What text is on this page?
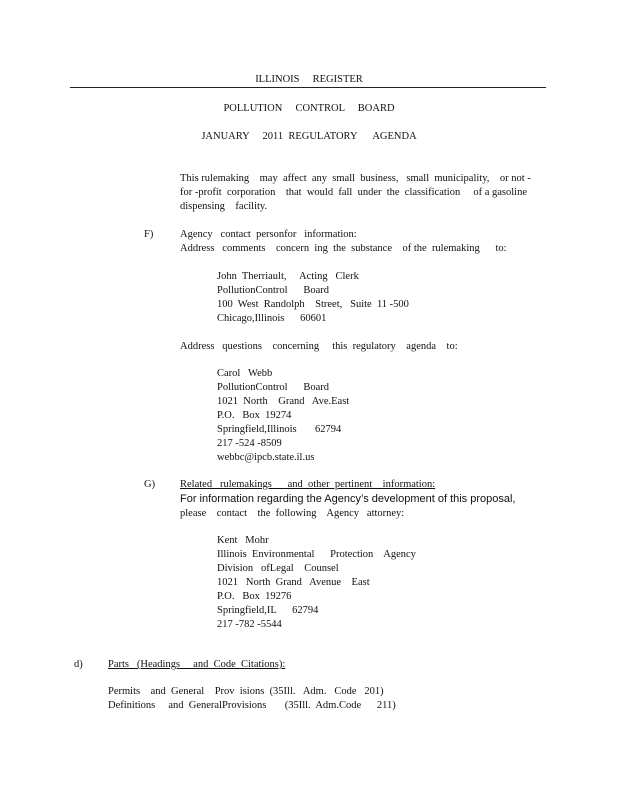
ILLINOIS     REGISTER
POLLUTION     CONTROL     BOARD
JANUARY     2011  REGULATORY      AGENDA
This rulemaking    may  affect  any  small  business,   small  municipality,    or not -
for -profit  corporation    that  would  fall  under  the  classification     of a gasoline
dispensing    facility.
F)	Agency   contact  personfor   information:
Address   comments    concern  ing  the  substance    of the  rulemaking      to:
John  Therriault,     Acting   Clerk
PollutionControl      Board
100  West  Randolph    Street,   Suite  11 -500
Chicago,Illinois      60601
Address   questions    concerning     this  regulatory    agenda    to:
Carol   Webb
PollutionControl      Board
1021  North    Grand   Ave.East
P.O.   Box  19274
Springfield,Illinois       62794
217 -524 -8509
webbc@ipcb.state.il.us
G) Related   rulemakings      and  other  pertinent    information:
For information regarding the Agency’s development of this proposal,
please    contact    the  following    Agency   attorney:
Kent   Mohr
Illinois  Environmental      Protection    Agency
Division   ofLegal    Counsel
1021   North  Grand   Avenue    East
P.O.   Box  19276
Springfield,IL      62794
217 -782 -5544
d) Parts   (Headings     and  Code  Citations):
Permits    and  General    Prov  isions  (35Ill.   Adm.   Code   201)
Definitions     and  GeneralProvisions       (35Ill.  Adm.Code      211)
